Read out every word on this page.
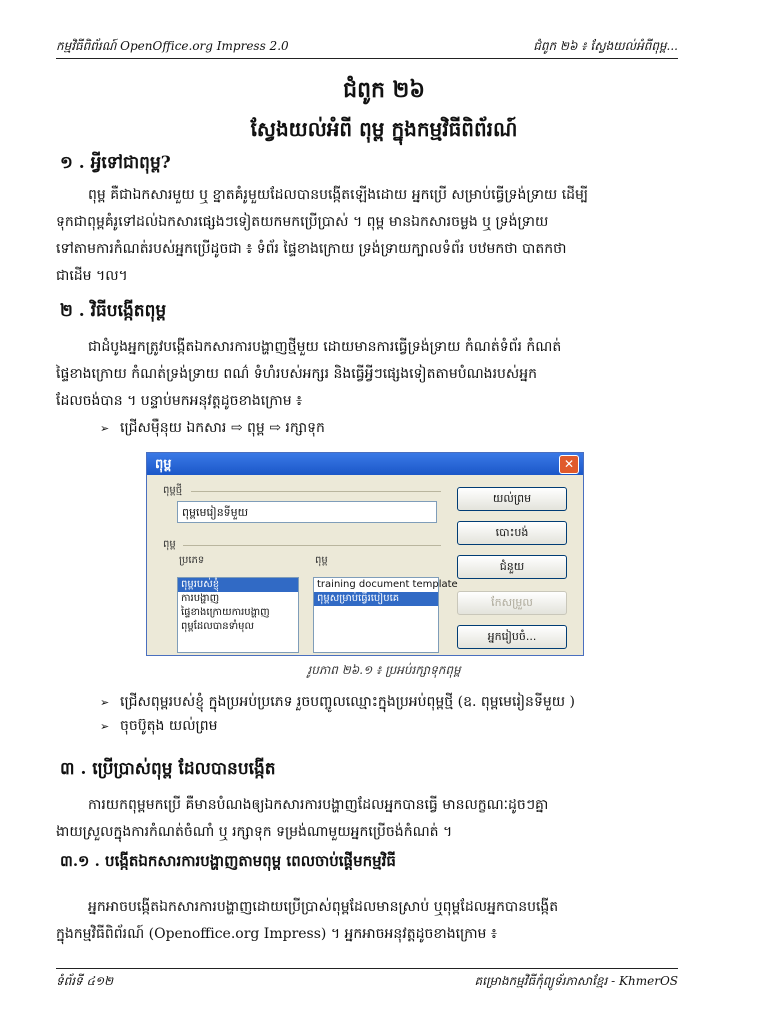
កម្មវិធីពិព័រណ៍ OpenOffice.org Impress 2.0	ជំពូក ២៦ ៖ ស្វែងយល់អំពីពុម្ព...
ជំពូក ២៦
ស្វែងយល់អំពី ពុម្ព ក្នុងកម្មវិធីពិព័រណ៍
១ . អ្វីទៅជាពុម្ព?
ពុម្ព គឺជាឯកសារមួយ ឬ ខ្នាតគំរូមួយដែលបានបង្កើតឡើងដោយ អ្នកប្រើ សម្រាប់ធ្វើទ្រង់ទ្រាយ ដើម្បី
ទុកជាពុម្ពគំរូទៅដល់ឯកសារផ្សេងៗទៀតយកមកប្រើប្រាស់ ។ ពុម្ព មានឯកសារចម្លង ឬ ទ្រង់ទ្រាយ
ទៅតាមការកំណត់របស់អ្នកប្រើដូចជា ៖ ទំព័រ ផ្ទៃខាងក្រោយ ទ្រង់ទ្រាយក្បាលទំព័រ បឋមកថា បាតកថា
ជាដើម ។ល។
២ . វិធីបង្កើតពុម្ព
ជាដំបូងអ្នកត្រូវបង្កើតឯកសារការបង្ហាញថ្មីមួយ ដោយមានការធ្វើទ្រង់ទ្រាយ កំណត់ទំព័រ កំណត់
ផ្ទៃខាងក្រោយ កំណត់ទ្រង់ទ្រាយ ពណ៌ ទំហំរបស់អក្សរ និងធ្វើអ្វីៗផ្សេងទៀតតាមបំណងរបស់អ្នក
ដែលចង់បាន ។ បន្ទាប់មកអនុវត្តដូចខាងក្រោម ៖
➢ ជ្រើសម៉ឺនុយ ឯកសារ ⇨ ពុម្ព ⇨ រក្សាទុក
ពុម្ព	✕
ពុម្ពថ្មី
ពុម្ពមេរៀនទីមួយ
ពុម្ព
ប្រភេទ	ពុម្ព
ពុម្ពរបស់ខ្ញុំ
ការបង្ហាញ
ផ្ទៃខាងក្រោយការបង្ហាញ
ពុម្ពដែលបានទាំមុល
training document template
ពុម្ពសម្រាប់ធ្វើរបៀបគេ
យល់ព្រម
បោះបង់
ជំនួយ
កែសម្រួល
អ្នករៀបចំ...
រូបភាព ២៦.១ ៖ ប្រអប់រក្សាទុកពុម្ព
➢ ជ្រើសពុម្ពរបស់ខ្ញុំ ក្នុងប្រអប់ប្រភេទ រួចបញ្ចូលឈ្មោះក្នុងប្រអប់ពុម្ពថ្មី (ឧ. ពុម្ពមេរៀនទីមួយ )
➢ ចុចប៊ូតុង យល់ព្រម
៣ . ប្រើប្រាស់ពុម្ព ដែលបានបង្កើត
ការយកពុម្ពមកប្រើ គឺមានបំណងឲ្យឯកសារការបង្ហាញដែលអ្នកបានធ្វើ មានលក្ខណៈដូចៗគ្នា
ងាយស្រួលក្នុងការកំណត់ចំណាំ ឬ រក្សាទុក ទម្រង់ណាមួយអ្នកប្រើចង់កំណត់ ។
៣.១ . បង្កើតឯកសារការបង្ហាញតាមពុម្ព ពេលចាប់ផ្តើមកម្មវិធី
អ្នកអាចបង្កើតឯកសារការបង្ហាញដោយប្រើប្រាស់ពុម្ពដែលមានស្រាប់ ឬពុម្ពដែលអ្នកបានបង្កើត
ក្នុងកម្មវិធីពិព័រណ៍ (Openoffice.org Impress) ។ អ្នកអាចអនុវត្តដូចខាងក្រោម ៖
ទំព័រទី ៤១២	គម្រោងកម្មវិធីកុំព្យូទ័រភាសាខ្មែរ - KhmerOS
